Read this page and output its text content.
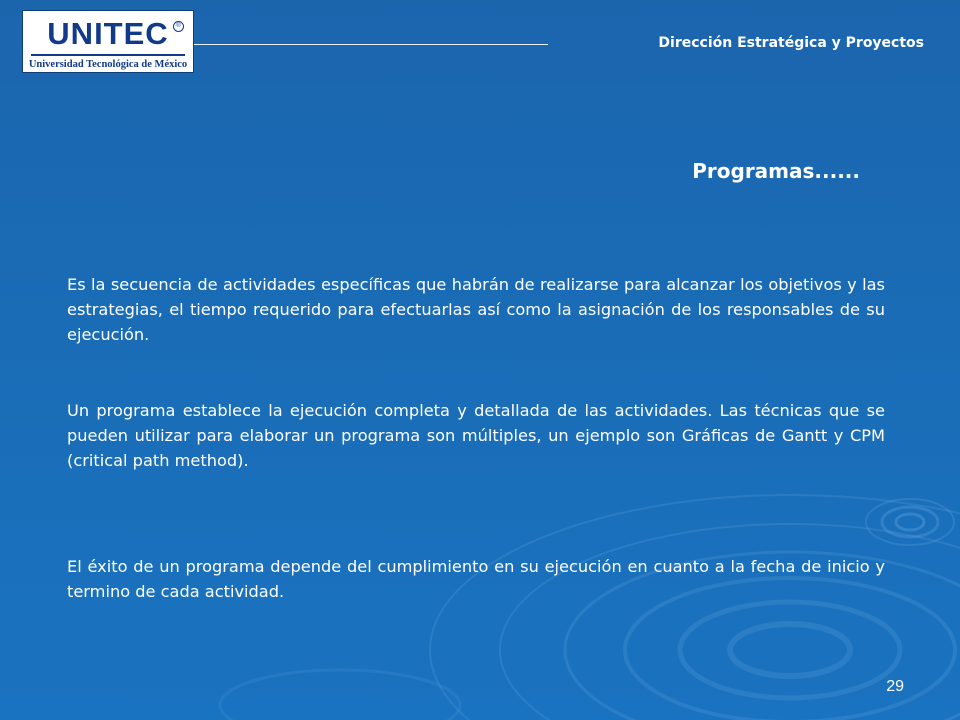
UNITEC	®
Universidad Tecnológica de México
Dirección Estratégica y Proyectos
Programas......
Es la secuencia de actividades específicas que habrán de realizarse para alcanzar los objetivos y las estrategias, el tiempo requerido para efectuarlas así como la asignación de los responsables de su ejecución.
Un programa establece la ejecución completa y detallada de las actividades. Las técnicas que se pueden utilizar para elaborar un programa son múltiples, un ejemplo son Gráficas de Gantt y CPM (critical path method).
El éxito de un programa depende del cumplimiento en su ejecución en cuanto a la fecha de inicio y termino de cada actividad.
29
